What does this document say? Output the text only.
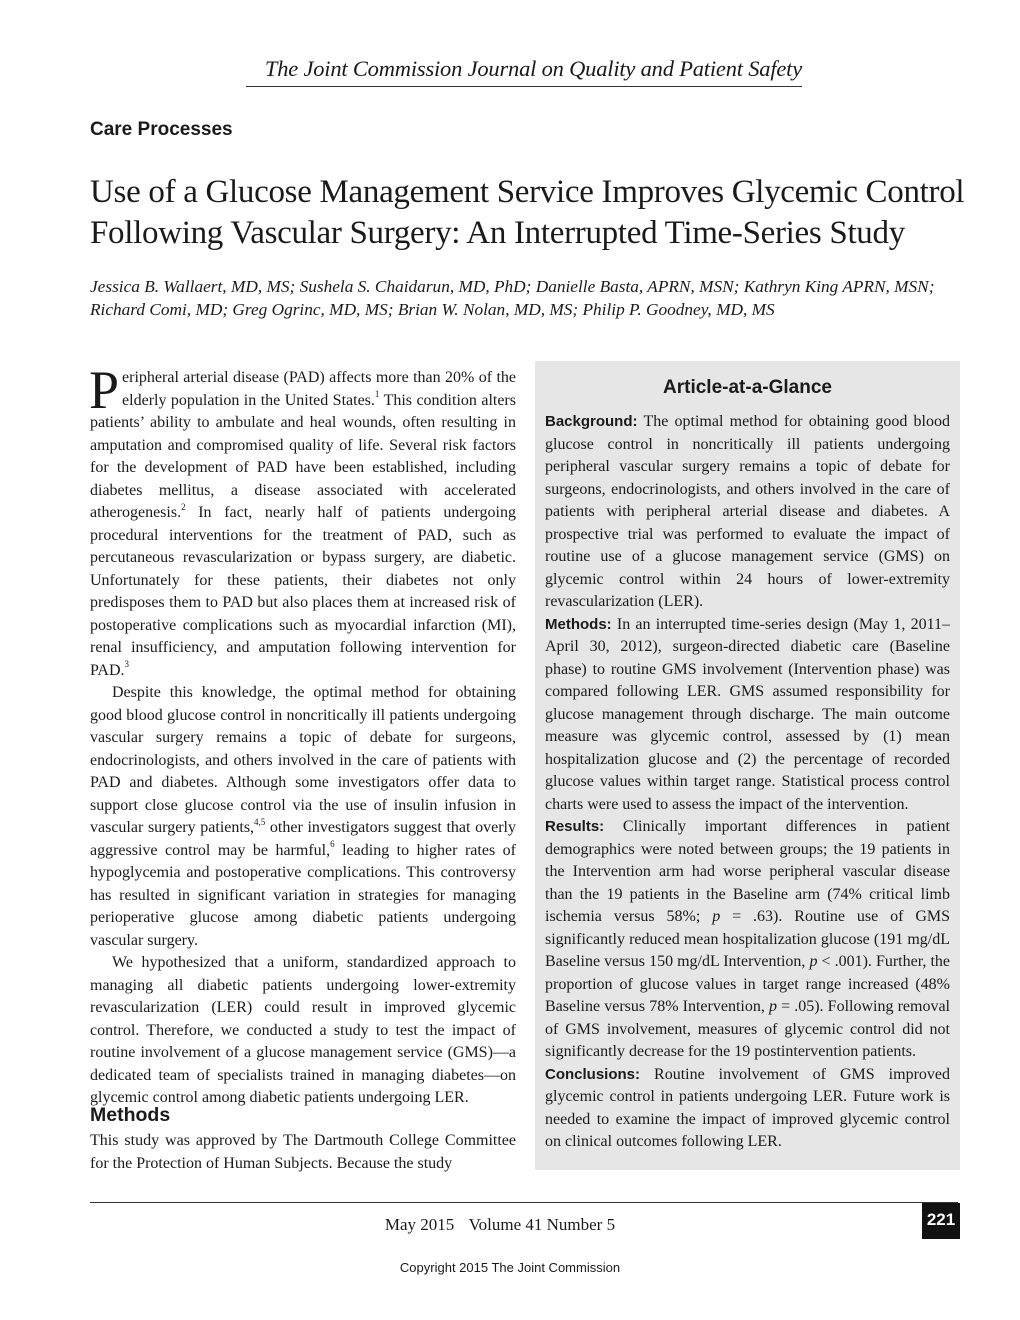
The Joint Commission Journal on Quality and Patient Safety
Care Processes
Use of a Glucose Management Service Improves Glycemic Control Following Vascular Surgery: An Interrupted Time-Series Study
Jessica B. Wallaert, MD, MS; Sushela S. Chaidarun, MD, PhD; Danielle Basta, APRN, MSN; Kathryn King APRN, MSN; Richard Comi, MD; Greg Ogrinc, MD, MS; Brian W. Nolan, MD, MS; Philip P. Goodney, MD, MS

Peripheral arterial disease (PAD) affects more than 20% of the elderly population in the United States.$^1$ This condition alters patients’ ability to ambulate and heal wounds, often resulting in amputation and compromised quality of life. Several risk factors for the development of PAD have been established, including diabetes mellitus, a disease associated with accelerated atherogenesis.$^2$ In fact, nearly half of patients undergoing procedural interventions for the treatment of PAD, such as percutaneous revascularization or bypass surgery, are diabetic. Unfortunately for these patients, their diabetes not only predisposes them to PAD but also places them at increased risk of postoperative complications such as myocardial infarction (MI), renal insufficiency, and amputation following intervention for PAD.$^3$

Despite this knowledge, the optimal method for obtaining good blood glucose control in noncritically ill patients undergoing vascular surgery remains a topic of debate for surgeons, endocrinologists, and others involved in the care of patients with PAD and diabetes. Although some investigators offer data to support close glucose control via the use of insulin infusion in vascular surgery patients,$^{4,5}$ other investigators suggest that overly aggressive control may be harmful,$^6$ leading to higher rates of hypoglycemia and postoperative complications. This controversy has resulted in significant variation in strategies for managing perioperative glucose among diabetic patients undergoing vascular surgery.

We hypothesized that a uniform, standardized approach to managing all diabetic patients undergoing lower-extremity revascularization (LER) could result in improved glycemic control. Therefore, we conducted a study to test the impact of routine involvement of a glucose management service (GMS)—a dedicated team of specialists trained in managing diabetes—on glycemic control among diabetic patients undergoing LER.

Methods
This study was approved by The Dartmouth College Committee for the Protection of Human Subjects. Because the study
Article-at-a-Glance

Background: The optimal method for obtaining good blood glucose control in noncritically ill patients undergoing peripheral vascular surgery remains a topic of debate for surgeons, endocrinologists, and others involved in the care of patients with peripheral arterial disease and diabetes. A prospective trial was performed to evaluate the impact of routine use of a glucose management service (GMS) on glycemic control within 24 hours of lower-extremity revascularization (LER).

Methods: In an interrupted time-series design (May 1, 2011–April 30, 2012), surgeon-directed diabetic care (Baseline phase) to routine GMS involvement (Intervention phase) was compared following LER. GMS assumed responsibility for glucose management through discharge. The main outcome measure was glycemic control, assessed by (1) mean hospitalization glucose and (2) the percentage of recorded glucose values within target range. Statistical process control charts were used to assess the impact of the intervention.

Results: Clinically important differences in patient demographics were noted between groups; the 19 patients in the Intervention arm had worse peripheral vascular disease than the 19 patients in the Baseline arm (74% critical limb ischemia versus 58%; p = .63). Routine use of GMS significantly reduced mean hospitalization glucose (191 mg/dL Baseline versus 150 mg/dL Intervention, p < .001). Further, the proportion of glucose values in target range increased (48% Baseline versus 78% Intervention, p = .05). Following removal of GMS involvement, measures of glycemic control did not significantly decrease for the 19 postintervention patients.

Conclusions: Routine involvement of GMS improved glycemic control in patients undergoing LER. Future work is needed to examine the impact of improved glycemic control on clinical outcomes following LER.

May 2015 Volume 41 Number 5	221
Copyright 2015 The Joint Commission
